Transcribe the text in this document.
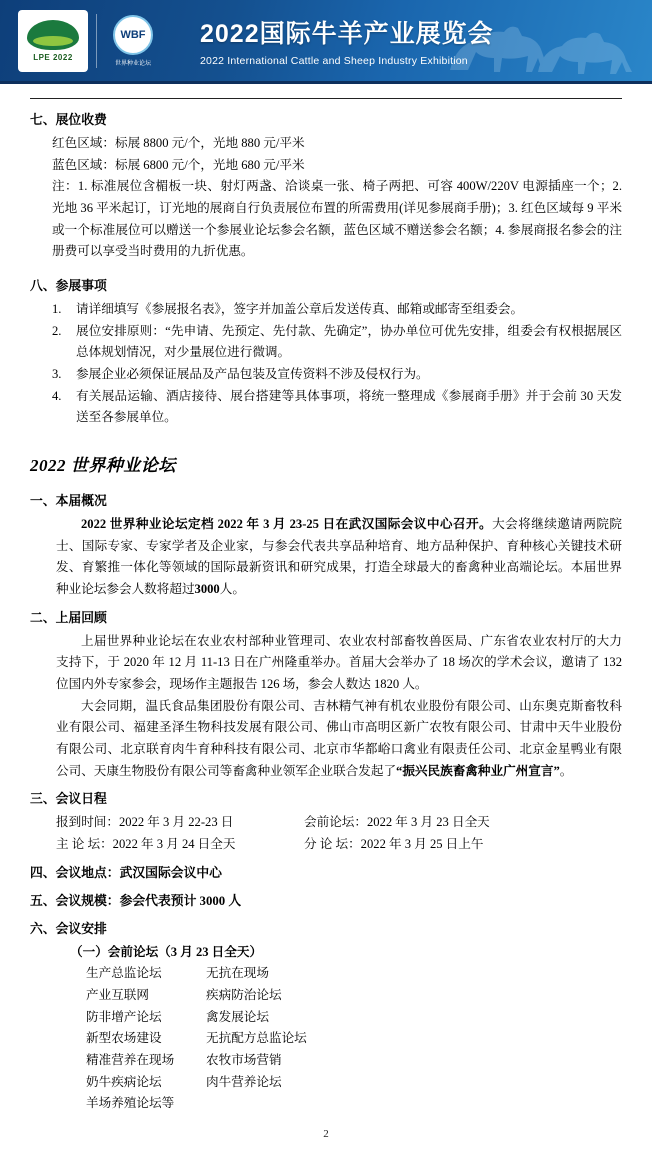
LPE 2022
WBF
世界种业论坛
2022国际牛羊产业展览会
2022 International Cattle and Sheep Industry Exhibition
七、展位收费
红色区域：标展 8800 元/个，光地 880 元/平米
蓝色区域：标展 6800 元/个，光地 680 元/平米
注：1. 标准展位含楣板一块、射灯两盏、洽谈桌一张、椅子两把、可容 400W/220V 电源插座一个；2. 光地 36 平米起订，订光地的展商自行负责展位布置的所需费用(详见参展商手册)；3. 红色区域每 9 平米或一个标准展位可以赠送一个参展业论坛参会名额，蓝色区域不赠送参会名额；4. 参展商报名参会的注册费可以享受当时费用的九折优惠。
八、参展事项
1. 请详细填写《参展报名表》，签字并加盖公章后发送传真、邮箱或邮寄至组委会。
2. 展位安排原则：“先申请、先预定、先付款、先确定”，协办单位可优先安排，组委会有权根据展区总体规划情况，对少量展位进行微调。
3. 参展企业必须保证展品及产品包装及宣传资料不涉及侵权行为。
4. 有关展品运输、酒店接待、展台搭建等具体事项，将统一整理成《参展商手册》并于会前 30 天发送至各参展单位。
2022 世界种业论坛
一、本届概况
2022 世界种业论坛定档 2022 年 3 月 23-25 日在武汉国际会议中心召开。大会将继续邀请两院院士、国际专家、专家学者及企业家，与参会代表共享品种培育、地方品种保护、育种核心关键技术研发、育繁推一体化等领域的国际最新资讯和研究成果，打造全球最大的畜禽种业高端论坛。本届世界种业论坛参会人数将超过3000人。
二、上届回顾
上届世界种业论坛在农业农村部种业管理司、农业农村部畜牧兽医局、广东省农业农村厅的大力支持下，于 2020 年 12 月 11-13 日在广州隆重举办。首届大会举办了 18 场次的学术会议，邀请了 132 位国内外专家参会，现场作主题报告 126 场，参会人数达 1820 人。
大会同期，温氏食品集团股份有限公司、吉林精气神有机农业股份有限公司、山东奥克斯畜牧科业有限公司、福建圣泽生物科技发展有限公司、佛山市高明区新广农牧有限公司、甘肃中天牛业股份有限公司、北京联育肉牛育种科技有限公司、北京市华都峪口禽业有限责任公司、北京金星鸭业有限公司、天康生物股份有限公司等畜禽种业领军企业联合发起了“振兴民族畜禽种业广州宣言”。
三、会议日程
报到时间：2022 年 3 月 22-23 日	会前论坛：2022 年 3 月 23 日全天
主 论 坛：2022 年 3 月 24 日全天	分 论 坛：2022 年 3 月 25 日上午
四、会议地点：武汉国际会议中心
五、会议规模：参会代表预计 3000 人
六、会议安排
（一）会前论坛（3 月 23 日全天）
生产总监论坛	无抗在现场
产业互联网	疾病防治论坛
防非增产论坛	禽发展论坛
新型农场建设	无抗配方总监论坛
精准营养在现场	农牧市场营销
奶牛疾病论坛	肉牛营养论坛
羊场养殖论坛等
2
